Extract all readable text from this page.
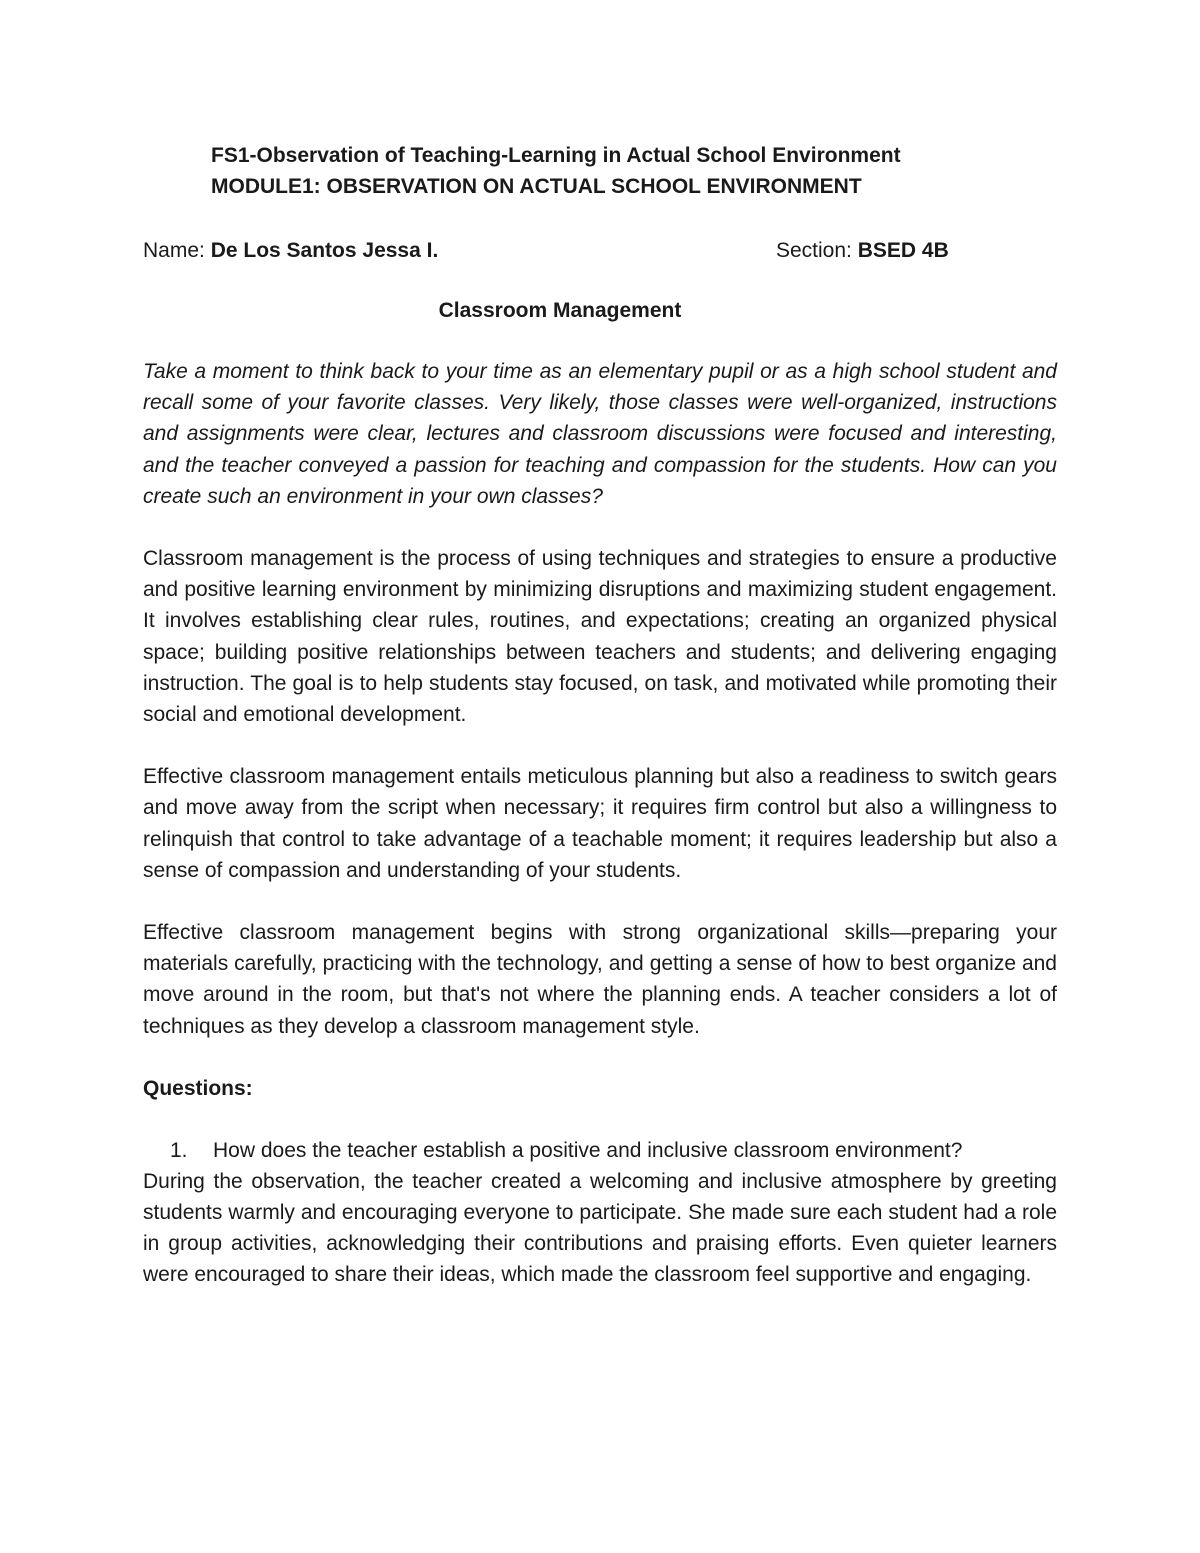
FS1-Observation of Teaching-Learning in Actual School Environment
MODULE1: OBSERVATION ON ACTUAL SCHOOL ENVIRONMENT
Name: De Los Santos Jessa I.	Section: BSED 4B
Classroom Management

Take a moment to think back to your time as an elementary pupil or as a high school student and recall some of your favorite classes. Very likely, those classes were well-organized, instructions and assignments were clear, lectures and classroom discussions were focused and interesting, and the teacher conveyed a passion for teaching and compassion for the students. How can you create such an environment in your own classes?

Classroom management is the process of using techniques and strategies to ensure a productive and positive learning environment by minimizing disruptions and maximizing student engagement. It involves establishing clear rules, routines, and expectations; creating an organized physical space; building positive relationships between teachers and students; and delivering engaging instruction. The goal is to help students stay focused, on task, and motivated while promoting their social and emotional development.

Effective classroom management entails meticulous planning but also a readiness to switch gears and move away from the script when necessary; it requires firm control but also a willingness to relinquish that control to take advantage of a teachable moment; it requires leadership but also a sense of compassion and understanding of your students.

Effective classroom management begins with strong organizational skills—preparing your materials carefully, practicing with the technology, and getting a sense of how to best organize and move around in the room, but that's not where the planning ends. A teacher considers a lot of techniques as they develop a classroom management style.

Questions:
1. How does the teacher establish a positive and inclusive classroom environment?

During the observation, the teacher created a welcoming and inclusive atmosphere by greeting students warmly and encouraging everyone to participate. She made sure each student had a role in group activities, acknowledging their contributions and praising efforts. Even quieter learners were encouraged to share their ideas, which made the classroom feel supportive and engaging.
